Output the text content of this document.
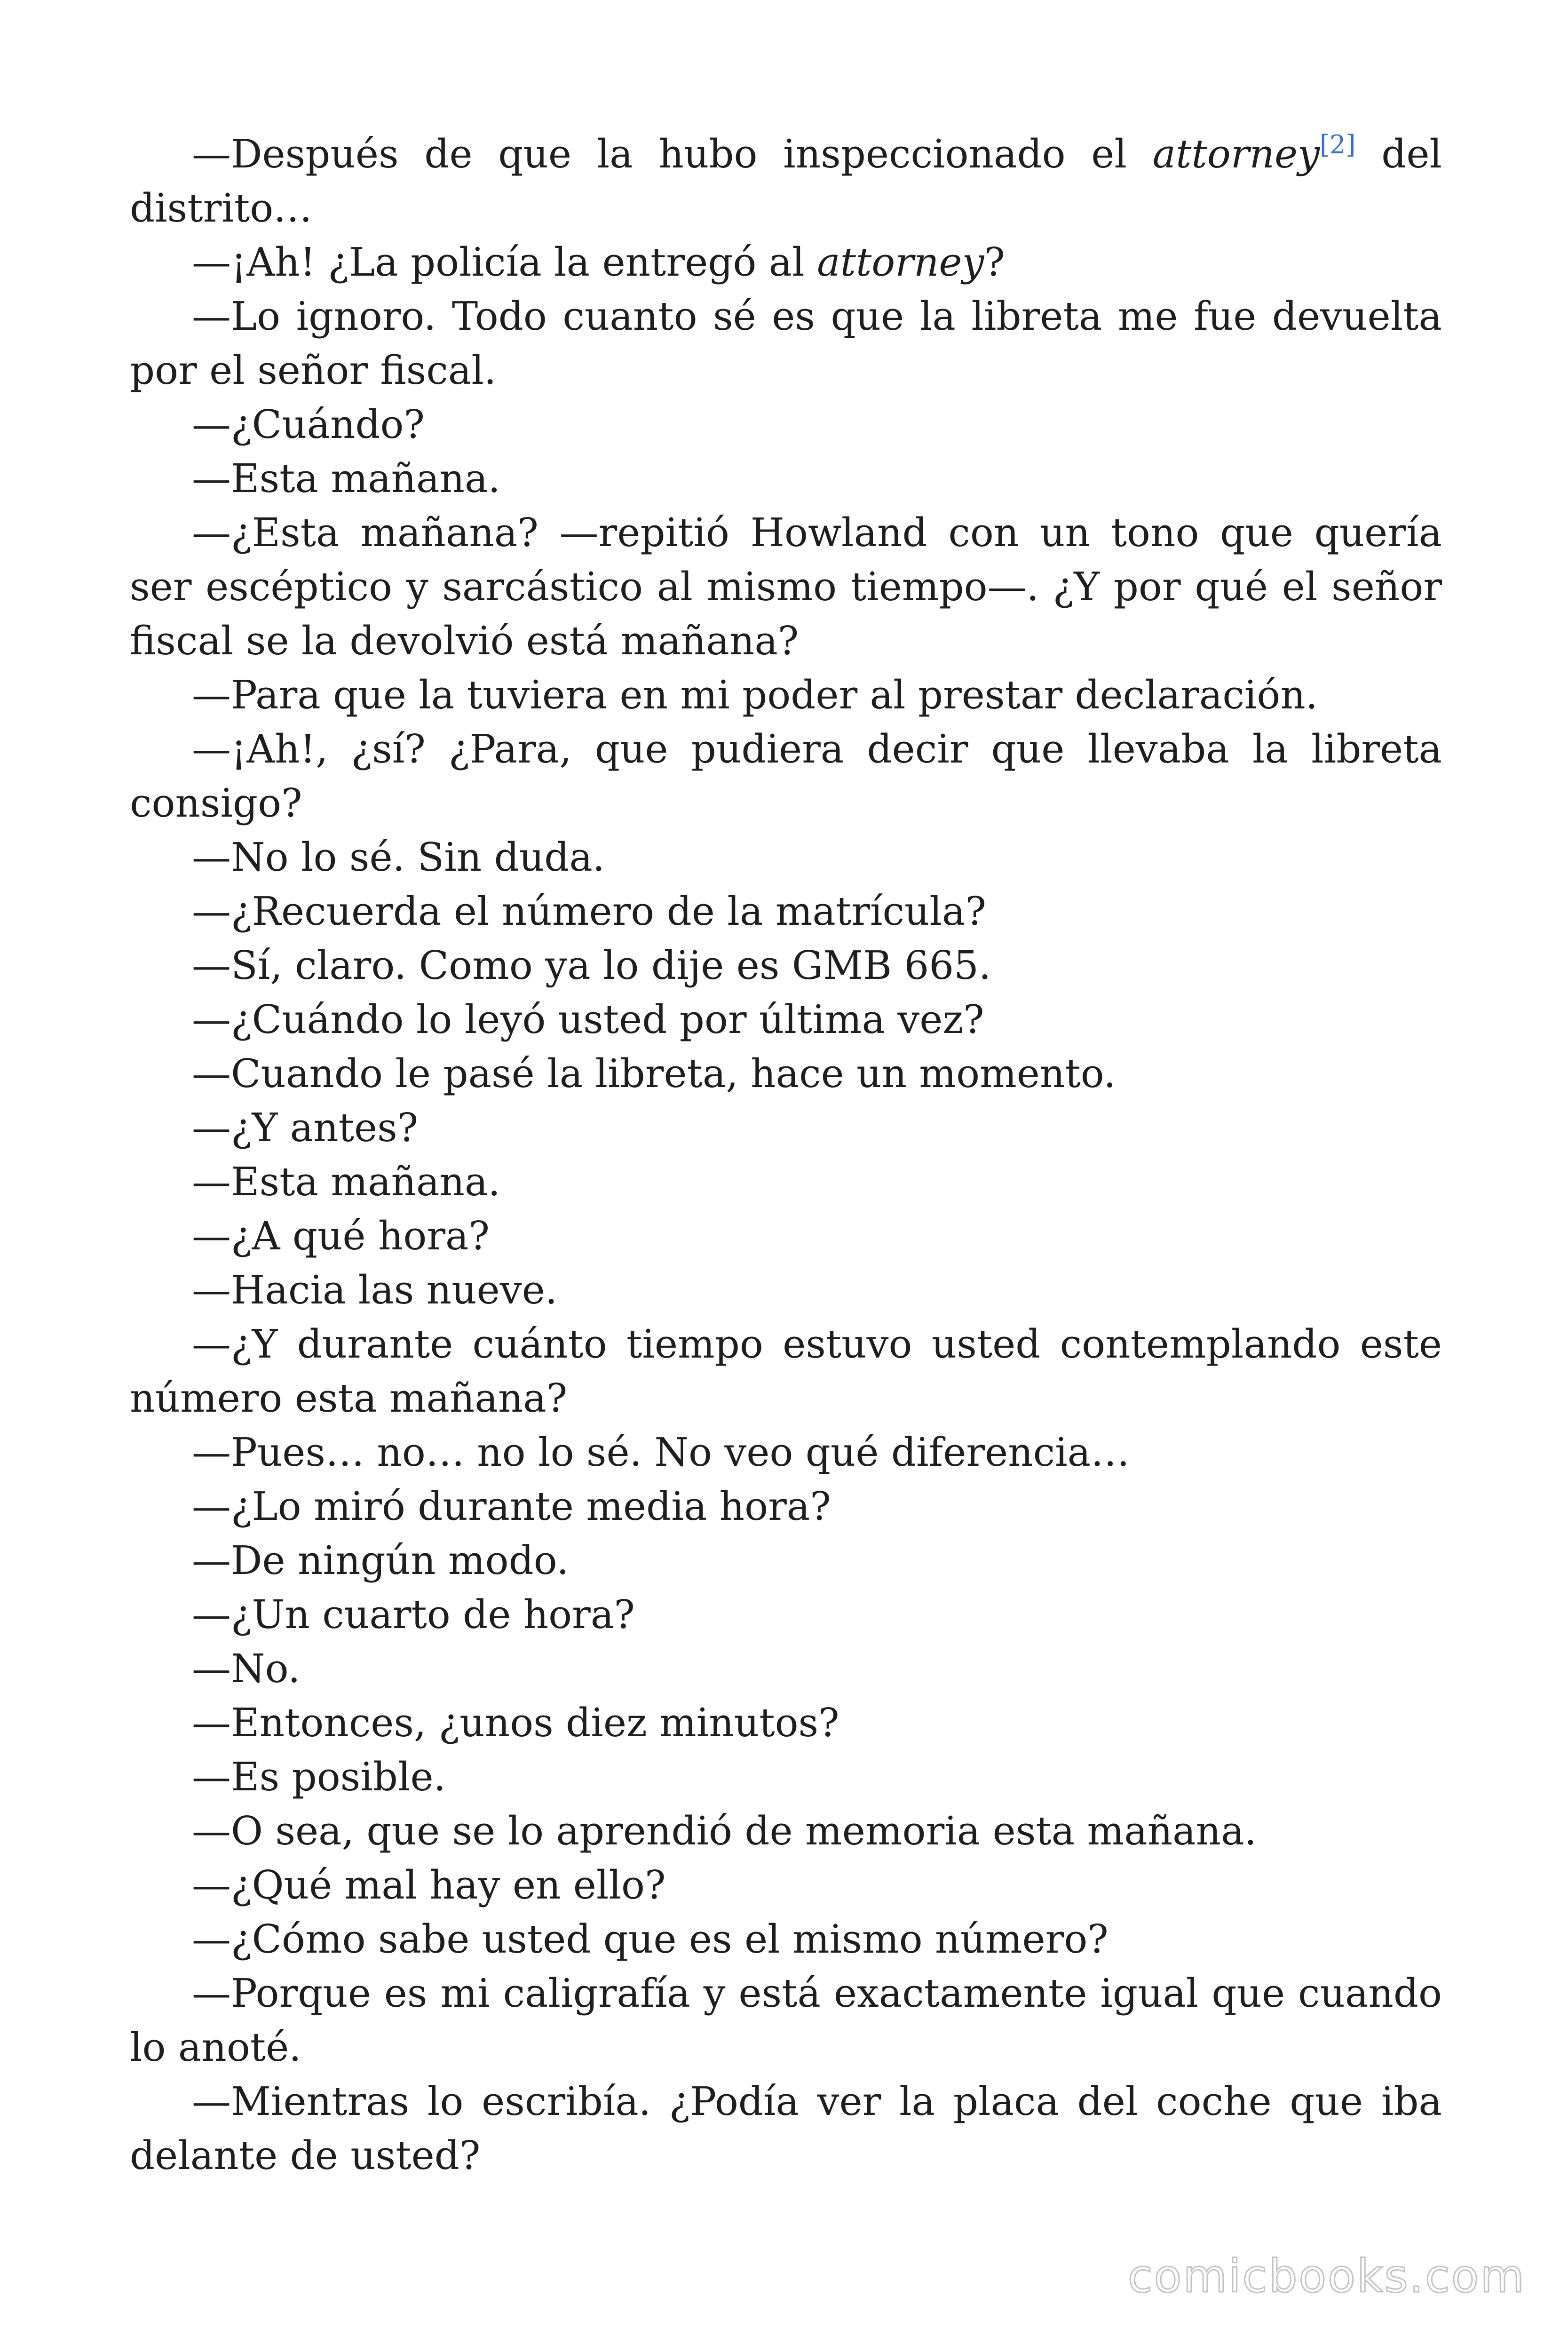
—Después de que la hubo inspeccionado el attorney[2] del distrito…

—¡Ah! ¿La policía la entregó al attorney?

—Lo ignoro. Todo cuanto sé es que la libreta me fue devuelta por el señor fiscal.

—¿Cuándo?

—Esta mañana.

—¿Esta mañana? —repitió Howland con un tono que quería ser escéptico y sarcástico al mismo tiempo—. ¿Y por qué el señor fiscal se la devolvió está mañana?

—Para que la tuviera en mi poder al prestar declaración.

—¡Ah!, ¿sí? ¿Para, que pudiera decir que llevaba la libreta consigo?

—No lo sé. Sin duda.

—¿Recuerda el número de la matrícula?

—Sí, claro. Como ya lo dije es GMB 665.

—¿Cuándo lo leyó usted por última vez?

—Cuando le pasé la libreta, hace un momento.

—¿Y antes?

—Esta mañana.

—¿A qué hora?

—Hacia las nueve.

—¿Y durante cuánto tiempo estuvo usted contemplando este número esta mañana?

—Pues… no… no lo sé. No veo qué diferencia…

—¿Lo miró durante media hora?

—De ningún modo.

—¿Un cuarto de hora?

—No.

—Entonces, ¿unos diez minutos?

—Es posible.

—O sea, que se lo aprendió de memoria esta mañana.

—¿Qué mal hay en ello?

—¿Cómo sabe usted que es el mismo número?

—Porque es mi caligrafía y está exactamente igual que cuando lo anoté.

—Mientras lo escribía. ¿Podía ver la placa del coche que iba delante de usted?

comicbooks.com
